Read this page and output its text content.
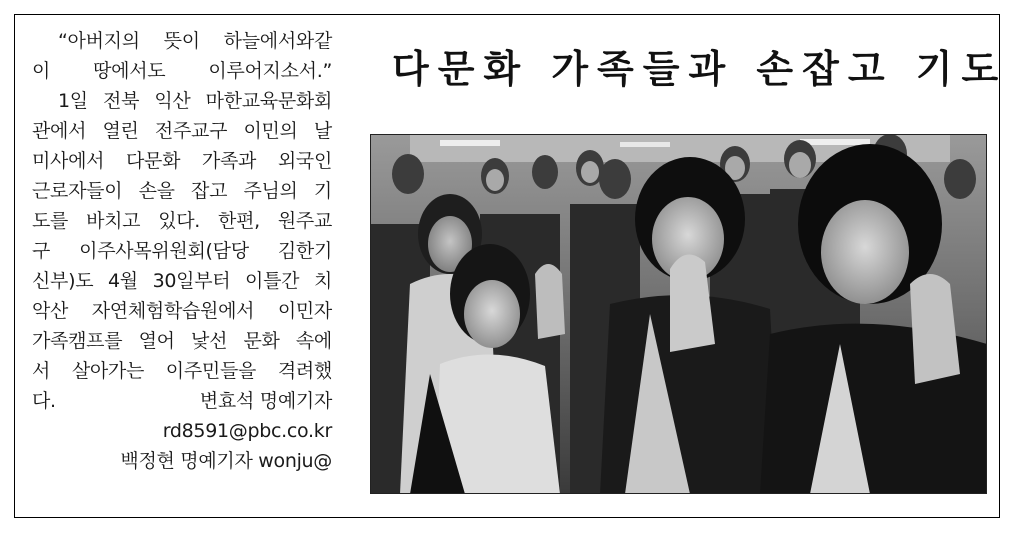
“아버지의 뜻이 하늘에서와같
이 땅에서도 이루어지소서.”
1일 전북 익산 마한교육문화회
관에서 열린 전주교구 이민의 날
미사에서 다문화 가족과 외국인
근로자들이 손을 잡고 주님의 기
도를 바치고 있다. 한편, 원주교
구 이주사목위원회(담당 김한기
신부)도 4월 30일부터 이틀간 치
악산 자연체험학습원에서 이민자
가족캠프를 열어 낯선 문화 속에
서 살아가는 이주민들을 격려했
다.	변효석 명예기자
rd8591@pbc.co.kr
백정현 명예기자 wonju@
다문화 가족들과 손잡고 기도
